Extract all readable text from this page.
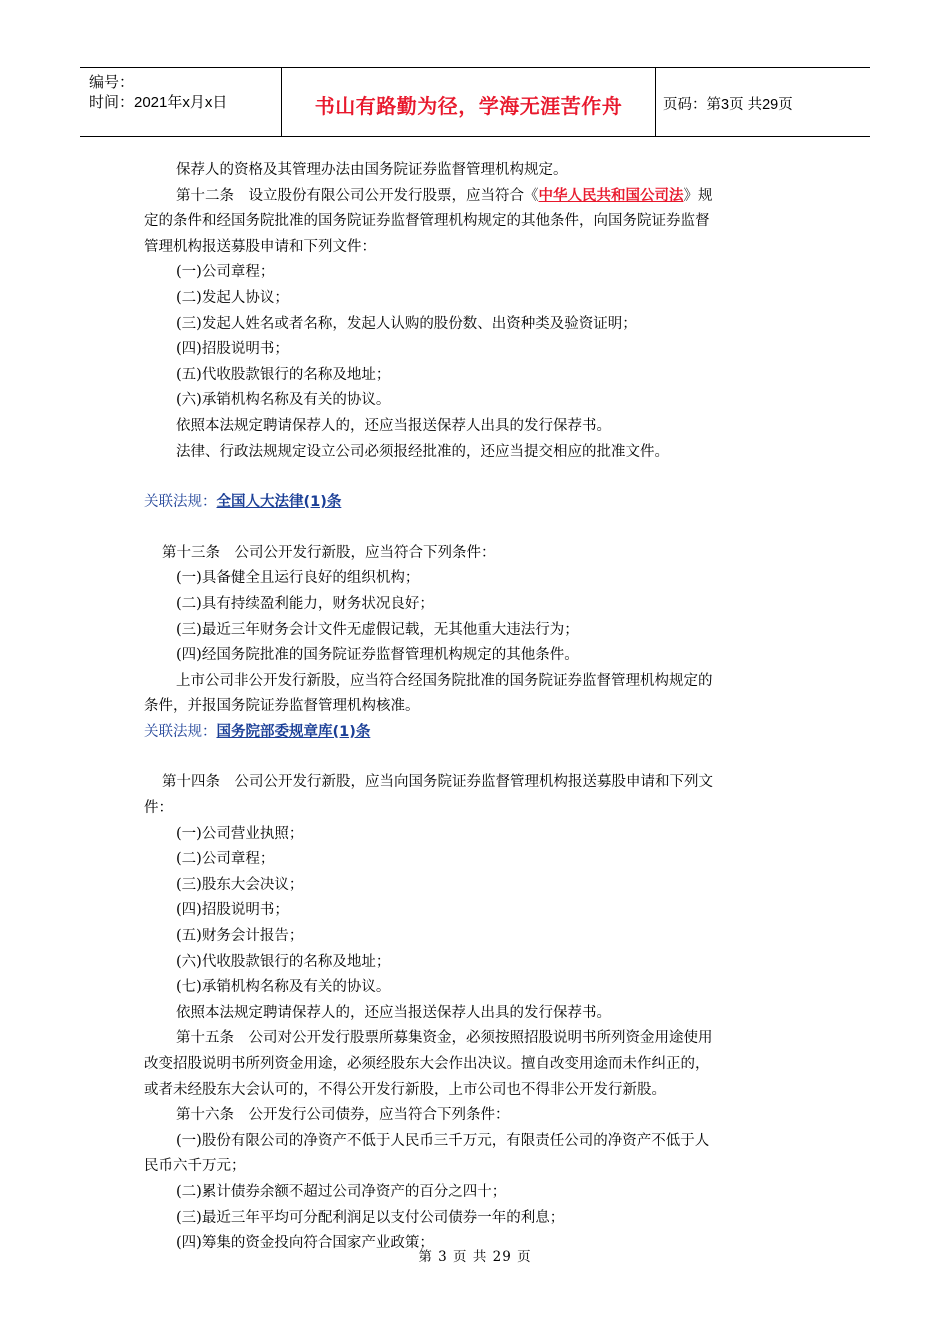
编号：
时间：2021年x月x日	书山有路勤为径，学海无涯苦作舟	页码：第3页 共29页

保荐人的资格及其管理办法由国务院证券监督管理机构规定。

第十二条　设立股份有限公司公开发行股票，应当符合《中华人民共和国公司法》规

定的条件和经国务院批准的国务院证券监督管理机构规定的其他条件，向国务院证券监督

管理机构报送募股申请和下列文件：

(一)公司章程；

(二)发起人协议；

(三)发起人姓名或者名称，发起人认购的股份数、出资种类及验资证明；

(四)招股说明书；

(五)代收股款银行的名称及地址；

(六)承销机构名称及有关的协议。

依照本法规定聘请保荐人的，还应当报送保荐人出具的发行保荐书。

法律、行政法规规定设立公司必须报经批准的，还应当提交相应的批准文件。

关联法规：全国人大法律(1)条

第十三条　公司公开发行新股，应当符合下列条件：

(一)具备健全且运行良好的组织机构；

(二)具有持续盈利能力，财务状况良好；

(三)最近三年财务会计文件无虚假记载，无其他重大违法行为；

(四)经国务院批准的国务院证券监督管理机构规定的其他条件。

上市公司非公开发行新股，应当符合经国务院批准的国务院证券监督管理机构规定的

条件，并报国务院证券监督管理机构核准。

关联法规：国务院部委规章库(1)条

第十四条　公司公开发行新股，应当向国务院证券监督管理机构报送募股申请和下列文

件：

(一)公司营业执照；

(二)公司章程；

(三)股东大会决议；

(四)招股说明书；

(五)财务会计报告；

(六)代收股款银行的名称及地址；

(七)承销机构名称及有关的协议。

依照本法规定聘请保荐人的，还应当报送保荐人出具的发行保荐书。

第十五条　公司对公开发行股票所募集资金，必须按照招股说明书所列资金用途使用

改变招股说明书所列资金用途，必须经股东大会作出决议。擅自改变用途而未作纠正的，

或者未经股东大会认可的，不得公开发行新股，上市公司也不得非公开发行新股。

第十六条　公开发行公司债券，应当符合下列条件：

(一)股份有限公司的净资产不低于人民币三千万元，有限责任公司的净资产不低于人

民币六千万元；

(二)累计债券余额不超过公司净资产的百分之四十；

(三)最近三年平均可分配利润足以支付公司债券一年的利息；

(四)筹集的资金投向符合国家产业政策；

第 3 页 共 29 页
